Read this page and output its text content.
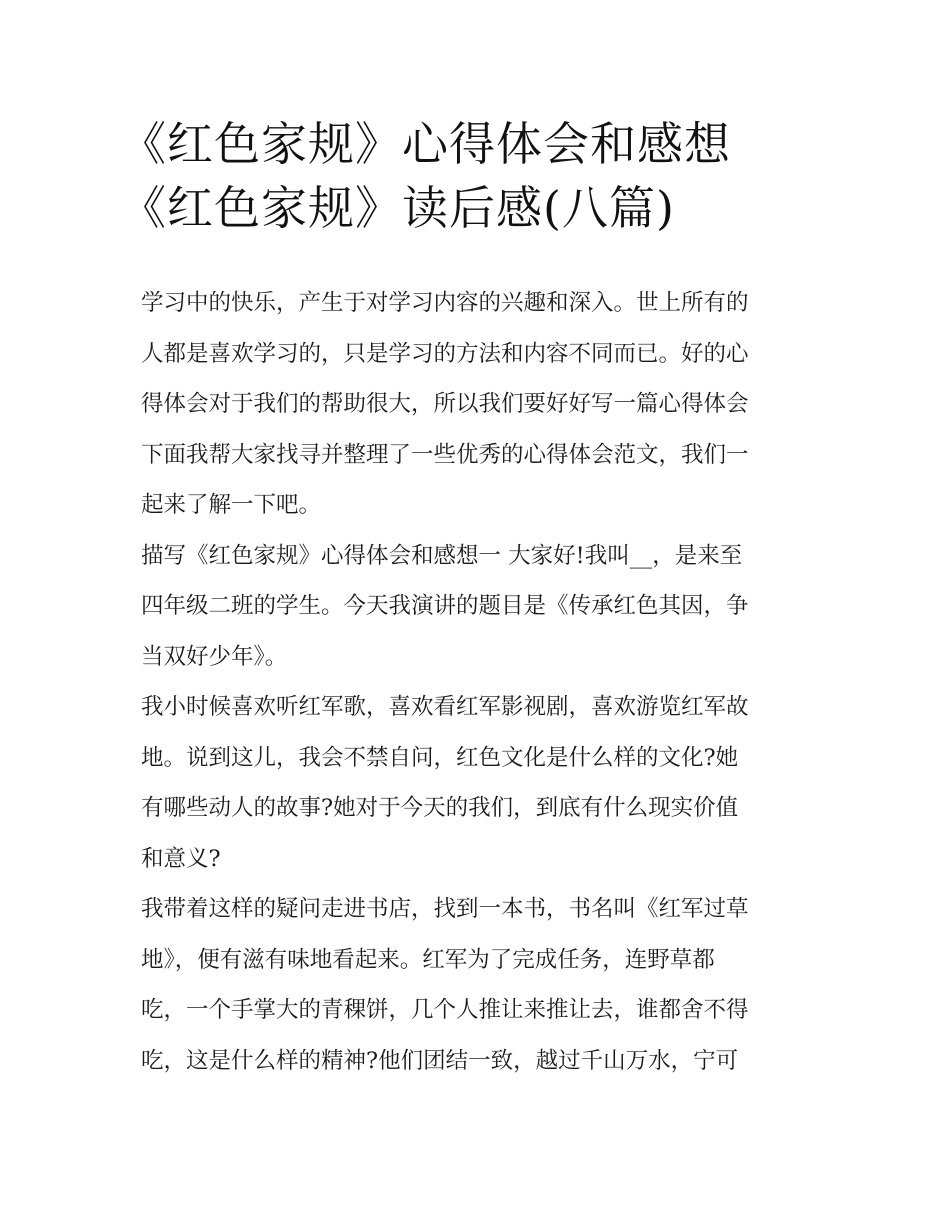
《红色家规》心得体会和感想
《红色家规》读后感(八篇)
学习中的快乐，产生于对学习内容的兴趣和深入。世上所有的
人都是喜欢学习的，只是学习的方法和内容不同而已。好的心
得体会对于我们的帮助很大，所以我们要好好写一篇心得体会
下面我帮大家找寻并整理了一些优秀的心得体会范文，我们一
起来了解一下吧。
描写《红色家规》心得体会和感想一 大家好!我叫__，是来至
四年级二班的学生。今天我演讲的题目是《传承红色其因，争
当双好少年》。
我小时候喜欢听红军歌，喜欢看红军影视剧，喜欢游览红军故
地。说到这儿，我会不禁自问，红色文化是什么样的文化?她
有哪些动人的故事?她对于今天的我们，到底有什么现实价值
和意义?
我带着这样的疑问走进书店，找到一本书，书名叫《红军过草
地》，便有滋有味地看起来。红军为了完成任务，连野草都
吃，一个手掌大的青稞饼，几个人推让来推让去，谁都舍不得
吃，这是什么样的精神?他们团结一致，越过千山万水，宁可
